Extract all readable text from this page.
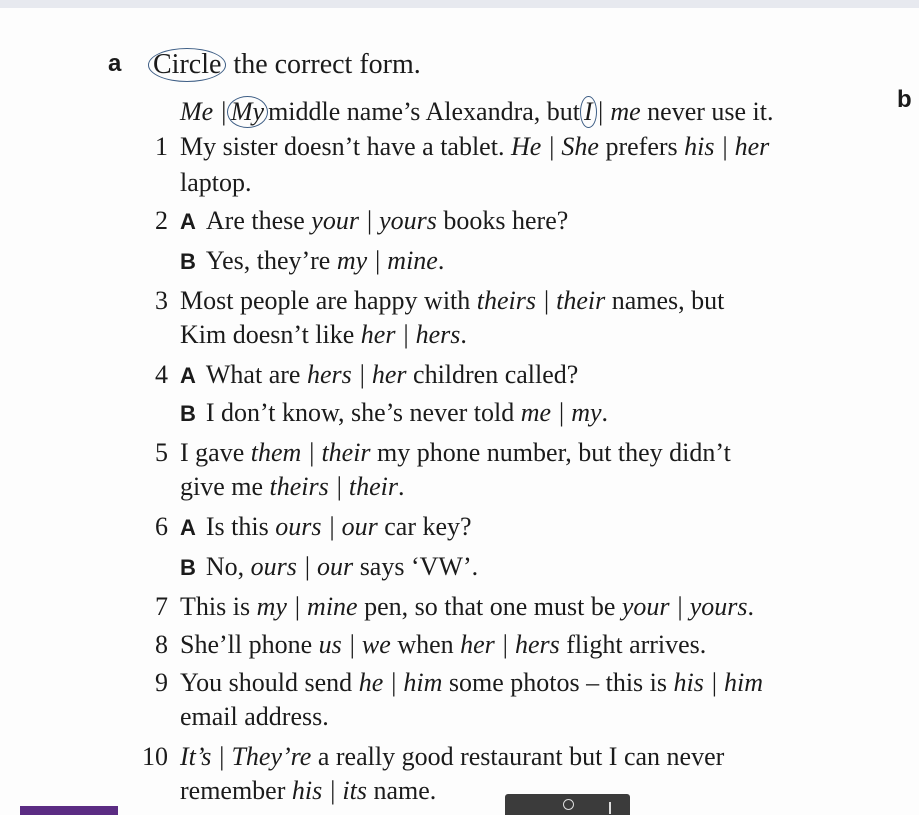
a
b
Circle the correct form.
Me | My middle name’s Alexandra, but I | me never use it.
1 My sister doesn’t have a tablet. He | She prefers his | her
laptop.
2 A Are these your | yours books here?
B Yes, they’re my | mine.
3 Most people are happy with theirs | their names, but
Kim doesn’t like her | hers.
4 A What are hers | her children called?
B I don’t know, she’s never told me | my.
5 I gave them | their my phone number, but they didn’t
give me theirs | their.
6 A Is this ours | our car key?
B No, ours | our says ‘VW’.
7 This is my | mine pen, so that one must be your | yours.
8 She’ll phone us | we when her | hers flight arrives.
9 You should send he | him some photos – this is his | him
email address.
10 It’s | They’re a really good restaurant but I can never
remember his | its name.
